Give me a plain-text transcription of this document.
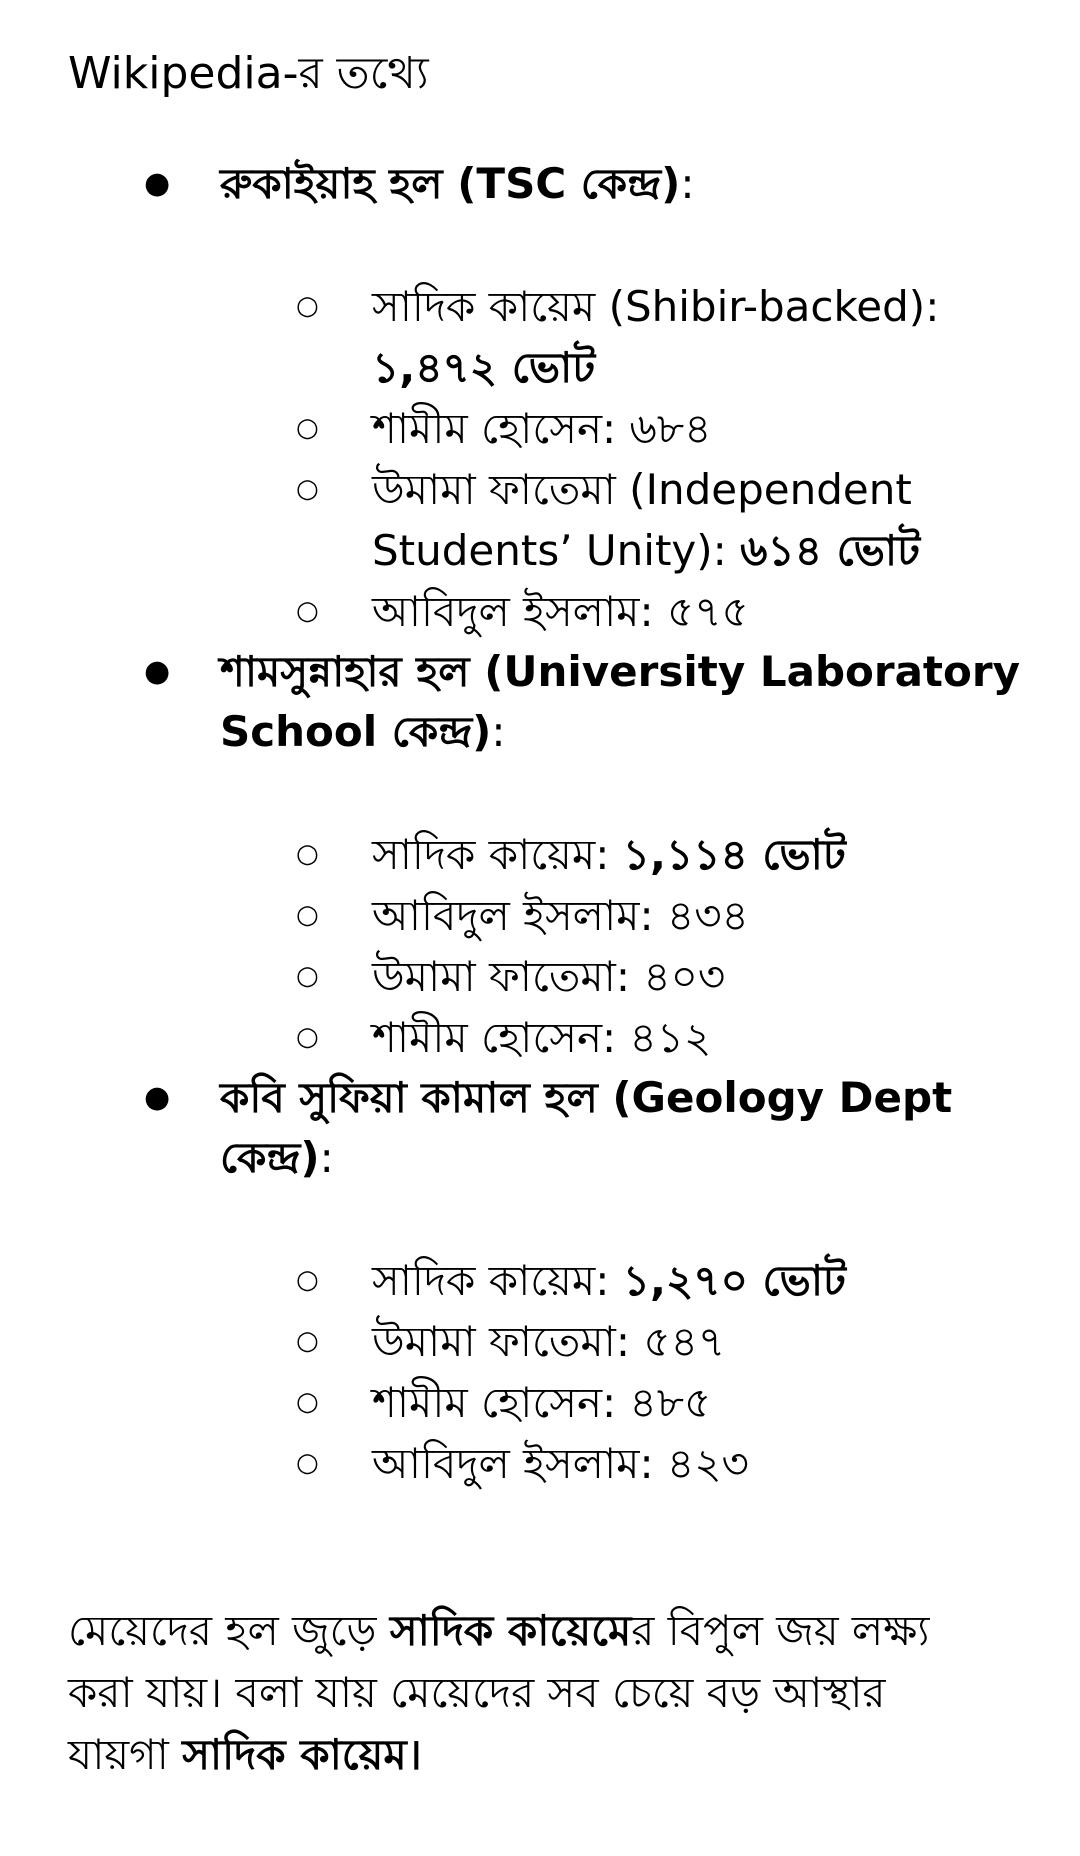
Wikipedia-র তথ্যে

● রুকাইয়াহ হল (TSC কেন্দ্র):

○ সাদিক কায়েম (Shibir-backed): ১,৪৭২ ভোট
○ শামীম হোসেন: ৬৮৪
○ উমামা ফাতেমা (Independent Students’ Unity): ৬১৪ ভোট
○ আবিদুল ইসলাম: ৫৭৫
● শামসুন্নাহার হল (University Laboratory School কেন্দ্র):

○ সাদিক কায়েম: ১,১১৪ ভোট
○ আবিদুল ইসলাম: ৪৩৪
○ উমামা ফাতেমা: ৪০৩
○ শামীম হোসেন: ৪১২
● কবি সুফিয়া কামাল হল (Geology Dept কেন্দ্র):

○ সাদিক কায়েম: ১,২৭০ ভোট
○ উমামা ফাতেমা: ৫৪৭
○ শামীম হোসেন: ৪৮৫
○ আবিদুল ইসলাম: ৪২৩

মেয়েদের হল জুড়ে সাদিক কায়েমের বিপুল জয় লক্ষ্য করা যায়। বলা যায় মেয়েদের সব চেয়ে বড় আস্থার যায়গা সাদিক কায়েম।
